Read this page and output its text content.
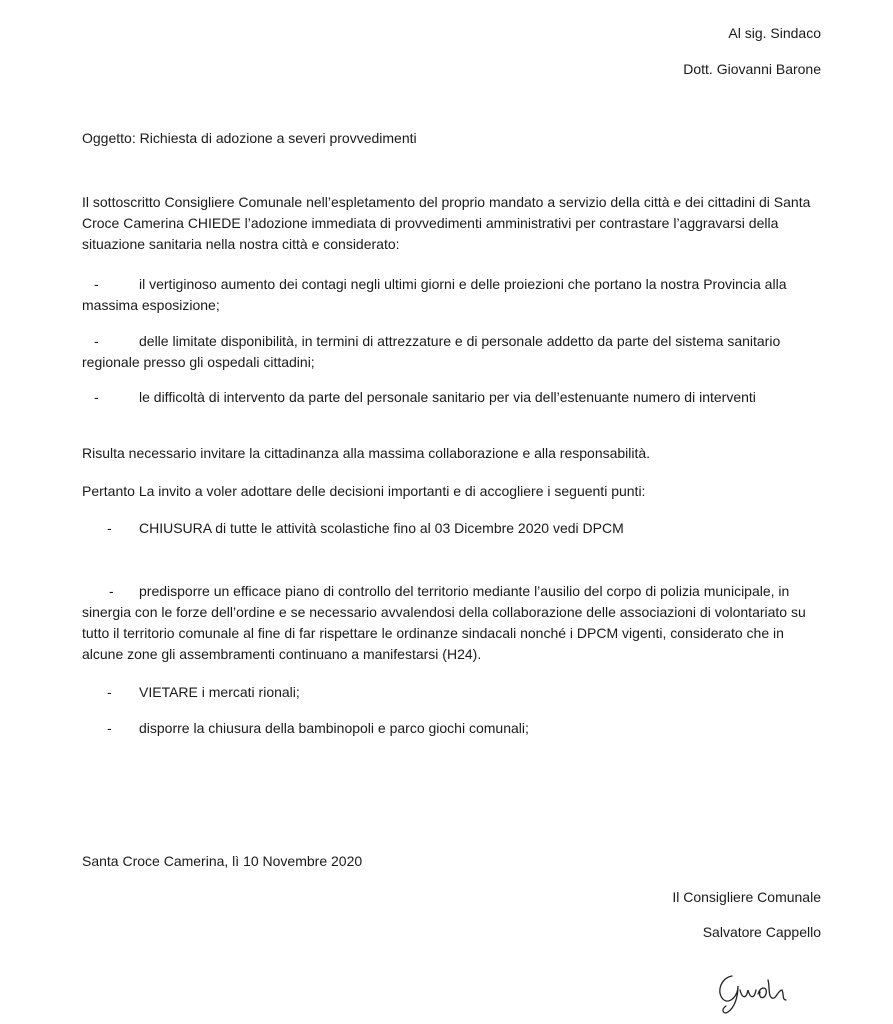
Al sig. Sindaco
Dott. Giovanni Barone
Oggetto: Richiesta di adozione a severi provvedimenti
Il sottoscritto Consigliere Comunale nell’espletamento del proprio mandato a servizio della città e dei cittadini di Santa Croce Camerina CHIEDE l’adozione immediata di provvedimenti amministrativi per contrastare l’aggravarsi della situazione sanitaria nella nostra città e considerato:
-	il vertiginoso aumento dei contagi negli ultimi giorni e delle proiezioni che portano la nostra Provincia alla massima esposizione;
-	delle limitate disponibilità, in termini di attrezzature e di personale addetto da parte del sistema sanitario regionale presso gli ospedali cittadini;
-	le difficoltà di intervento da parte del personale sanitario per via dell’estenuante numero di interventi
Risulta necessario invitare la cittadinanza alla massima collaborazione e alla responsabilità.
Pertanto La invito a voler adottare delle decisioni importanti e di accogliere i seguenti punti:
-	CHIUSURA di tutte le attività scolastiche fino al 03 Dicembre 2020 vedi DPCM
-	predisporre un efficace piano di controllo del territorio mediante l’ausilio del corpo di polizia municipale, in sinergia con le forze dell’ordine e se necessario avvalendosi della collaborazione delle associazioni di volontariato su tutto il territorio comunale al fine di far rispettare le ordinanze sindacali nonché i DPCM vigenti, considerato che in alcune zone gli assembramenti continuano a manifestarsi (H24).
-	VIETARE i mercati rionali;
-	disporre la chiusura della bambinopoli e parco giochi comunali;
Santa Croce Camerina, lì 10 Novembre 2020
Il Consigliere Comunale
Salvatore Cappello
